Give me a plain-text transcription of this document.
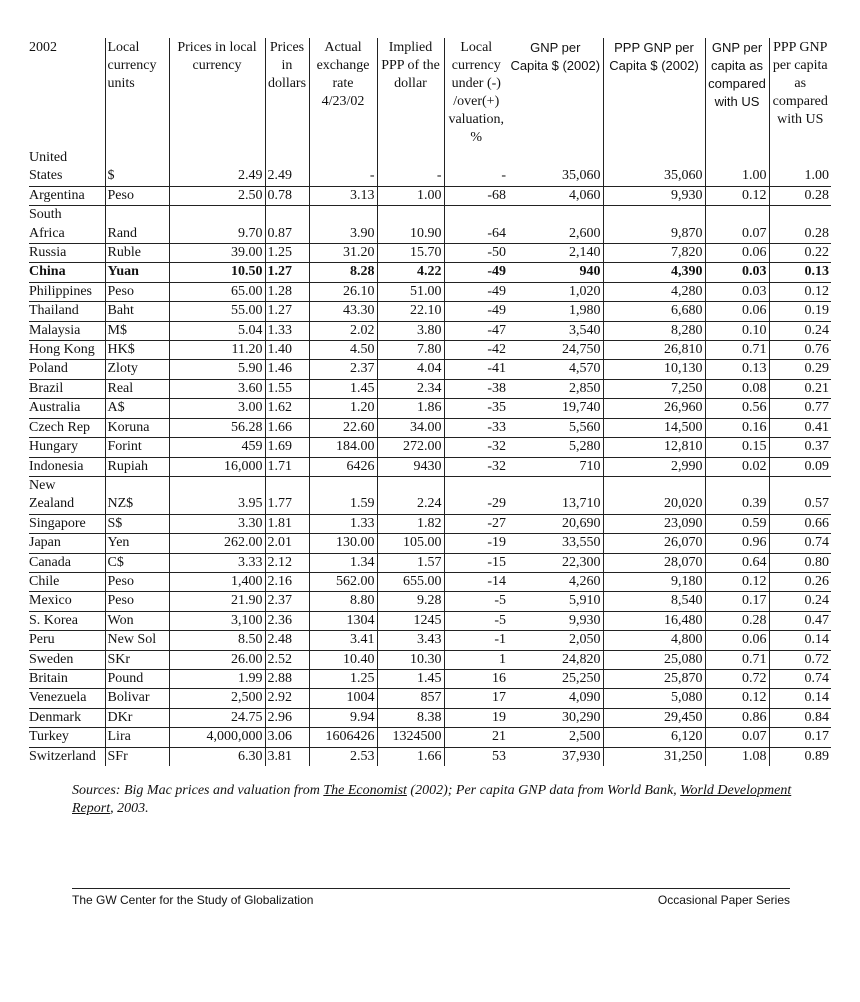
2002	Local currency units	Prices in local currency	Prices in dollars	Actual exchange rate 4/23/02	Implied PPP of the dollar	Local currency under (-) /over(+) valuation, %	GNP per Capita $ (2002)	PPP GNP per Capita $ (2002)	GNP per capita as compared with US	PPP GNP per capita as compared with US
United
States	$	2.49	2.49	-	-	-	35,060	35,060	1.00	1.00
Argentina	Peso	2.50	0.78	3.13	1.00	-68	4,060	9,930	0.12	0.28
South
Africa	Rand	9.70	0.87	3.90	10.90	-64	2,600	9,870	0.07	0.28
Russia	Ruble	39.00	1.25	31.20	15.70	-50	2,140	7,820	0.06	0.22
China	Yuan	10.50	1.27	8.28	4.22	-49	940	4,390	0.03	0.13
Philippines	Peso	65.00	1.28	26.10	51.00	-49	1,020	4,280	0.03	0.12
Thailand	Baht	55.00	1.27	43.30	22.10	-49	1,980	6,680	0.06	0.19
Malaysia	M$	5.04	1.33	2.02	3.80	-47	3,540	8,280	0.10	0.24
Hong Kong	HK$	11.20	1.40	4.50	7.80	-42	24,750	26,810	0.71	0.76
Poland	Zloty	5.90	1.46	2.37	4.04	-41	4,570	10,130	0.13	0.29
Brazil	Real	3.60	1.55	1.45	2.34	-38	2,850	7,250	0.08	0.21
Australia	A$	3.00	1.62	1.20	1.86	-35	19,740	26,960	0.56	0.77
Czech Rep	Koruna	56.28	1.66	22.60	34.00	-33	5,560	14,500	0.16	0.41
Hungary	Forint	459	1.69	184.00	272.00	-32	5,280	12,810	0.15	0.37
Indonesia	Rupiah	16,000	1.71	6426	9430	-32	710	2,990	0.02	0.09
New
Zealand	NZ$	3.95	1.77	1.59	2.24	-29	13,710	20,020	0.39	0.57
Singapore	S$	3.30	1.81	1.33	1.82	-27	20,690	23,090	0.59	0.66
Japan	Yen	262.00	2.01	130.00	105.00	-19	33,550	26,070	0.96	0.74
Canada	C$	3.33	2.12	1.34	1.57	-15	22,300	28,070	0.64	0.80
Chile	Peso	1,400	2.16	562.00	655.00	-14	4,260	9,180	0.12	0.26
Mexico	Peso	21.90	2.37	8.80	9.28	-5	5,910	8,540	0.17	0.24
S. Korea	Won	3,100	2.36	1304	1245	-5	9,930	16,480	0.28	0.47
Peru	New Sol	8.50	2.48	3.41	3.43	-1	2,050	4,800	0.06	0.14
Sweden	SKr	26.00	2.52	10.40	10.30	1	24,820	25,080	0.71	0.72
Britain	Pound	1.99	2.88	1.25	1.45	16	25,250	25,870	0.72	0.74
Venezuela	Bolivar	2,500	2.92	1004	857	17	4,090	5,080	0.12	0.14
Denmark	DKr	24.75	2.96	9.94	8.38	19	30,290	29,450	0.86	0.84
Turkey	Lira	4,000,000	3.06	1606426	1324500	21	2,500	6,120	0.07	0.17
Switzerland	SFr	6.30	3.81	2.53	1.66	53	37,930	31,250	1.08	0.89
Sources: Big Mac prices and valuation from The Economist (2002); Per capita GNP data from World Bank, World Development Report, 2003.
The GW Center for the Study of Globalization	Occasional Paper Series
